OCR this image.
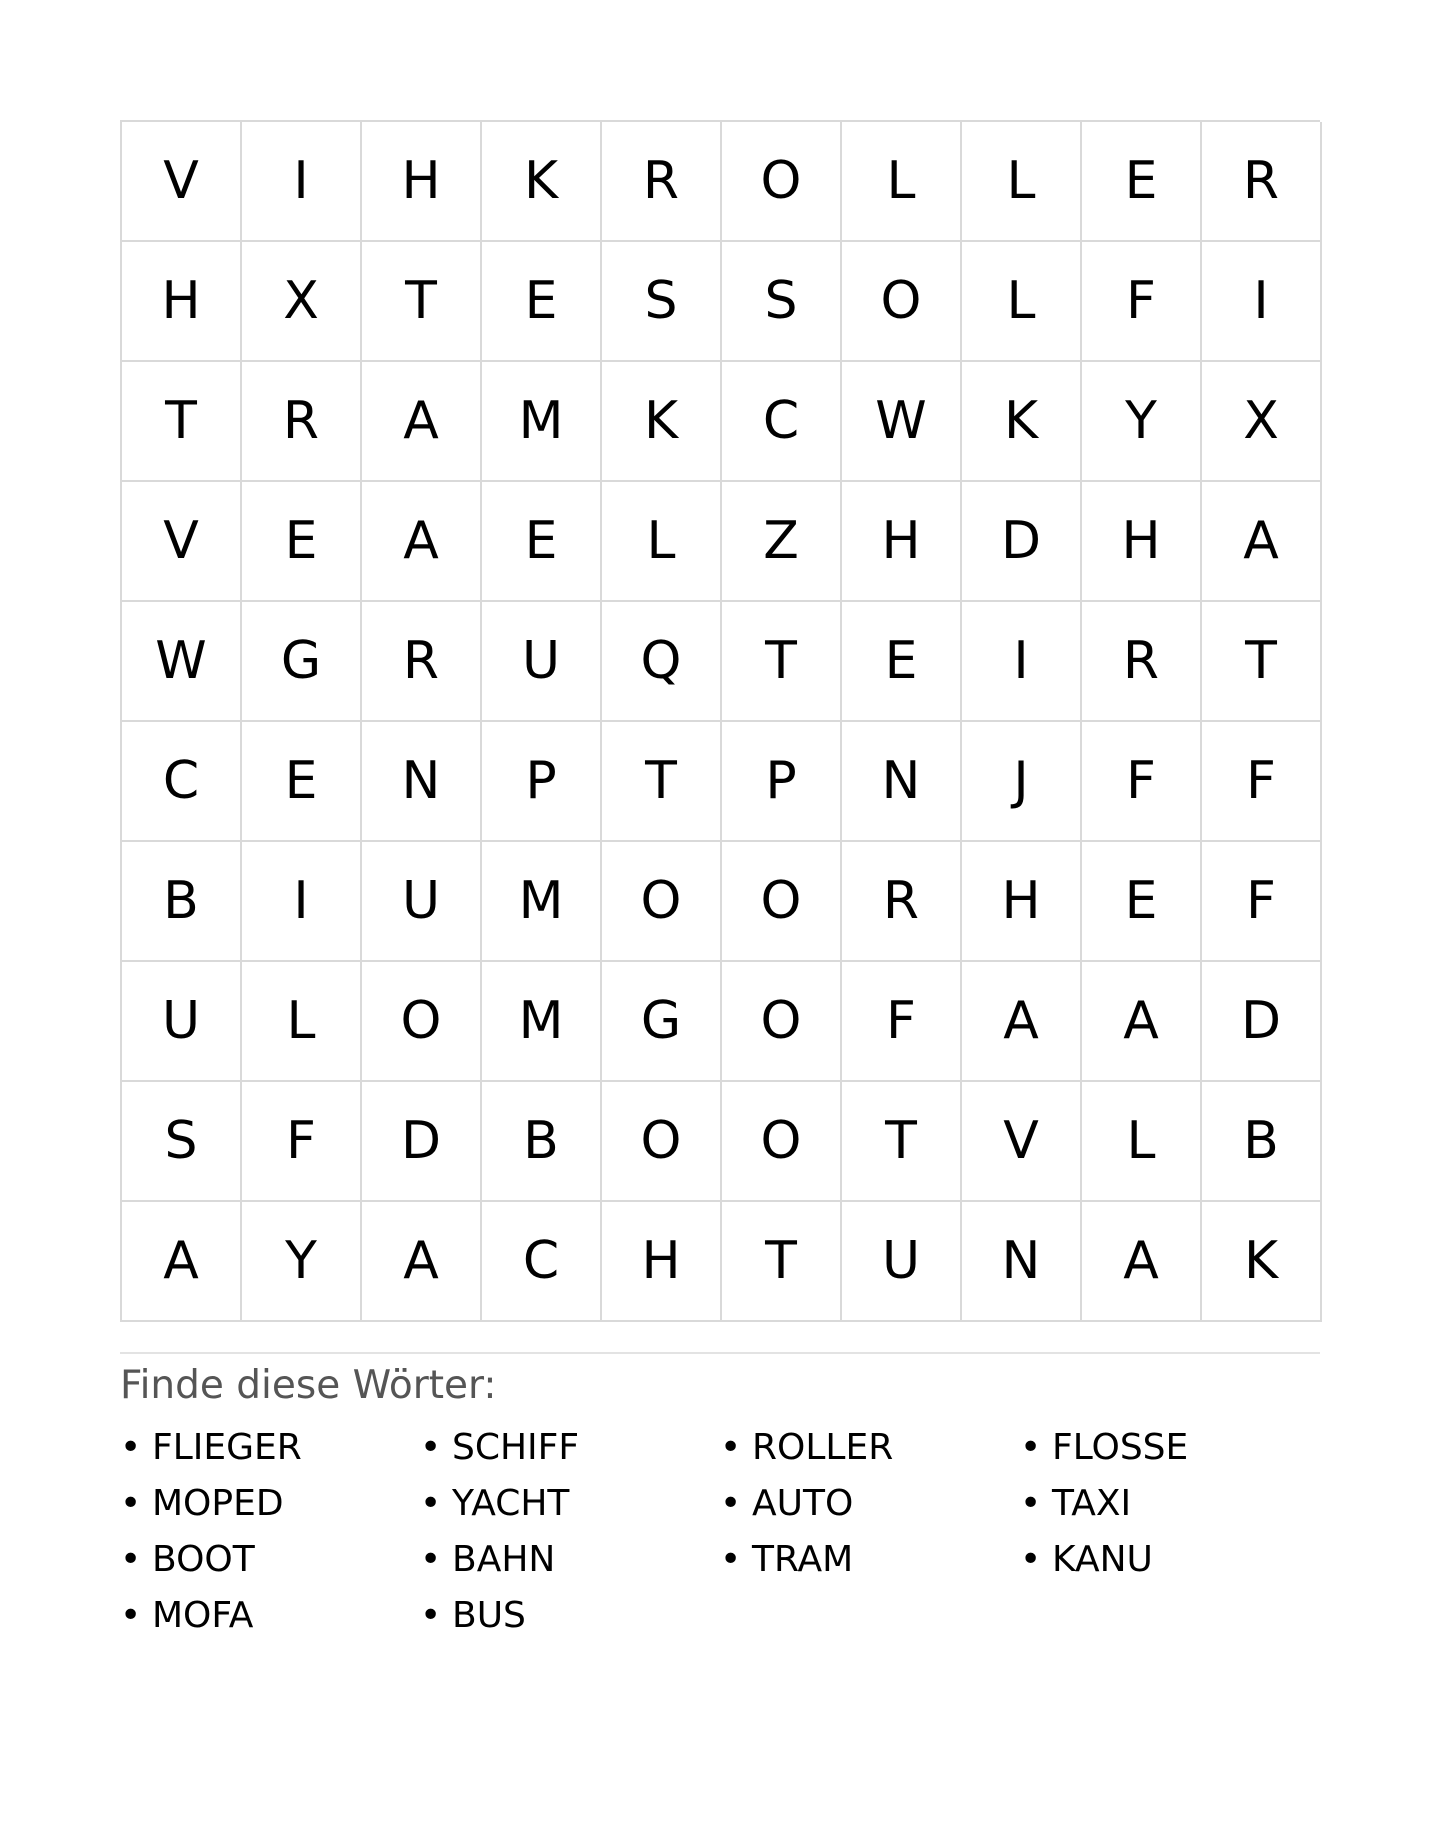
V	I	H	K	R	O	L	L	E	R
H	X	T	E	S	S	O	L	F	I
T	R	A	M	K	C	W	K	Y	X
V	E	A	E	L	Z	H	D	H	A
W	G	R	U	Q	T	E	I	R	T
C	E	N	P	T	P	N	J	F	F
B	I	U	M	O	O	R	H	E	F
U	L	O	M	G	O	F	A	A	D
S	F	D	B	O	O	T	V	L	B
A	Y	A	C	H	T	U	N	A	K
Finde diese Wörter:
• FLIEGER	• SCHIFF	• ROLLER	• FLOSSE
• MOPED	• YACHT	• AUTO	• TAXI
• BOOT	• BAHN	• TRAM	• KANU
• MOFA	• BUS
